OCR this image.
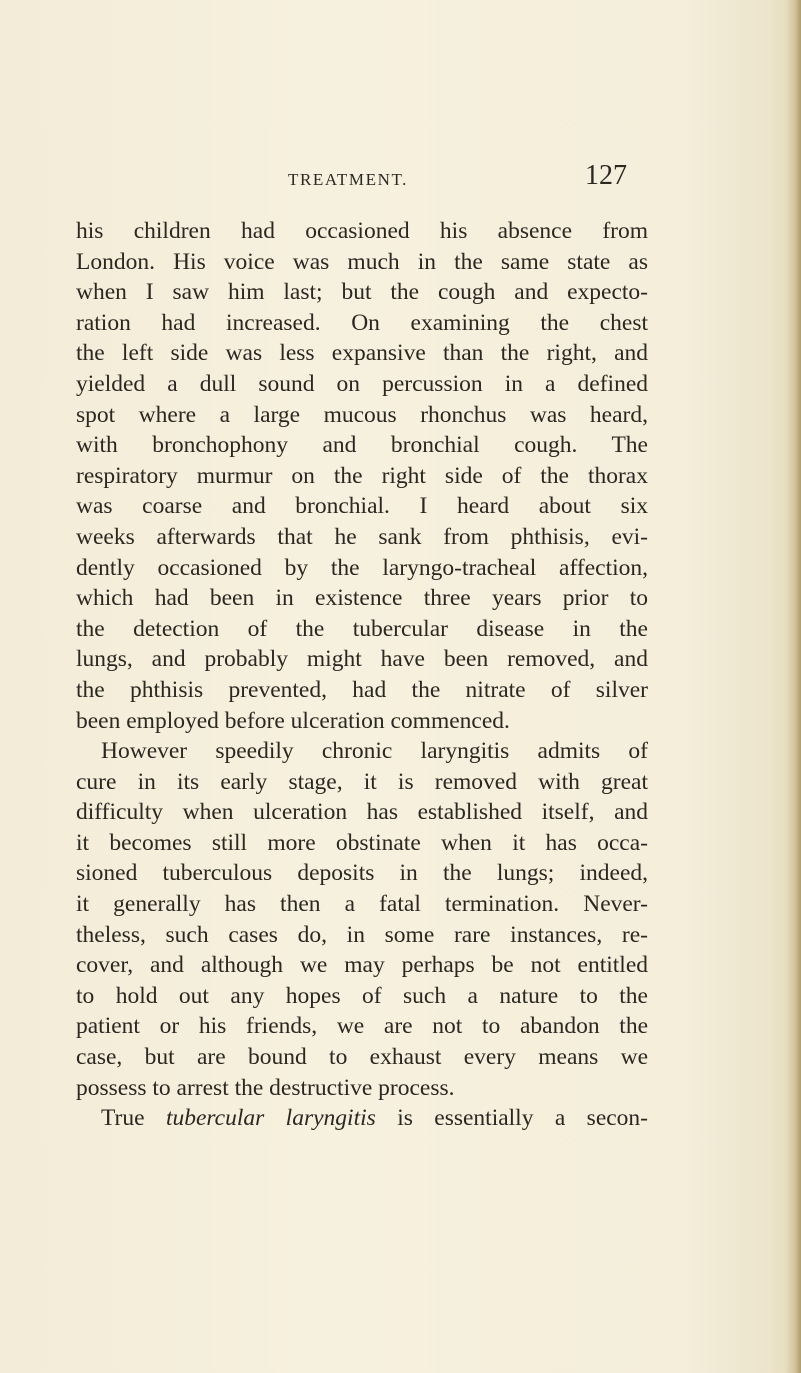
TREATMENT.	127
his children had occasioned his absence from
London. His voice was much in the same state as
when I saw him last; but the cough and expecto-
ration had increased. On examining the chest
the left side was less expansive than the right, and
yielded a dull sound on percussion in a defined
spot where a large mucous rhonchus was heard,
with bronchophony and bronchial cough. The
respiratory murmur on the right side of the thorax
was coarse and bronchial. I heard about six
weeks afterwards that he sank from phthisis, evi-
dently occasioned by the laryngo-tracheal affection,
which had been in existence three years prior to
the detection of the tubercular disease in the
lungs, and probably might have been removed, and
the phthisis prevented, had the nitrate of silver
been employed before ulceration commenced.
However speedily chronic laryngitis admits of
cure in its early stage, it is removed with great
difficulty when ulceration has established itself, and
it becomes still more obstinate when it has occa-
sioned tuberculous deposits in the lungs; indeed,
it generally has then a fatal termination. Never-
theless, such cases do, in some rare instances, re-
cover, and although we may perhaps be not entitled
to hold out any hopes of such a nature to the
patient or his friends, we are not to abandon the
case, but are bound to exhaust every means we
possess to arrest the destructive process.
True tubercular laryngitis is essentially a secon-
